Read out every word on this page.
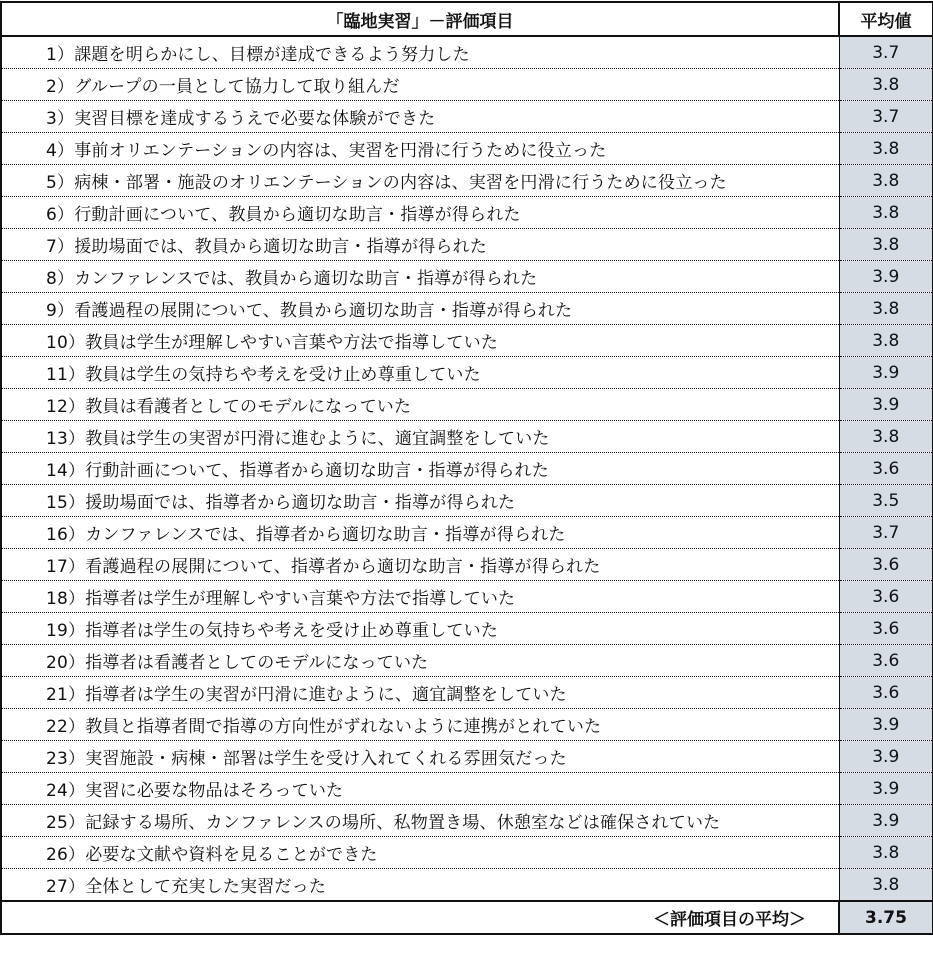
「臨地実習」－評価項目	平均値
1）課題を明らかにし、目標が達成できるよう努力した	3.7
2）グループの一員として協力して取り組んだ	3.8
3）実習目標を達成するうえで必要な体験ができた	3.7
4）事前オリエンテーションの内容は、実習を円滑に行うために役立った	3.8
5）病棟・部署・施設のオリエンテーションの内容は、実習を円滑に行うために役立った	3.8
6）行動計画について、教員から適切な助言・指導が得られた	3.8
7）援助場面では、教員から適切な助言・指導が得られた	3.8
8）カンファレンスでは、教員から適切な助言・指導が得られた	3.9
9）看護過程の展開について、教員から適切な助言・指導が得られた	3.8
10）教員は学生が理解しやすい言葉や方法で指導していた	3.8
11）教員は学生の気持ちや考えを受け止め尊重していた	3.9
12）教員は看護者としてのモデルになっていた	3.9
13）教員は学生の実習が円滑に進むように、適宜調整をしていた	3.8
14）行動計画について、指導者から適切な助言・指導が得られた	3.6
15）援助場面では、指導者から適切な助言・指導が得られた	3.5
16）カンファレンスでは、指導者から適切な助言・指導が得られた	3.7
17）看護過程の展開について、指導者から適切な助言・指導が得られた	3.6
18）指導者は学生が理解しやすい言葉や方法で指導していた	3.6
19）指導者は学生の気持ちや考えを受け止め尊重していた	3.6
20）指導者は看護者としてのモデルになっていた	3.6
21）指導者は学生の実習が円滑に進むように、適宜調整をしていた	3.6
22）教員と指導者間で指導の方向性がずれないように連携がとれていた	3.9
23）実習施設・病棟・部署は学生を受け入れてくれる雰囲気だった	3.9
24）実習に必要な物品はそろっていた	3.9
25）記録する場所、カンファレンスの場所、私物置き場、休憩室などは確保されていた	3.9
26）必要な文献や資料を見ることができた	3.8
27）全体として充実した実習だった	3.8
＜評価項目の平均＞	3.75
